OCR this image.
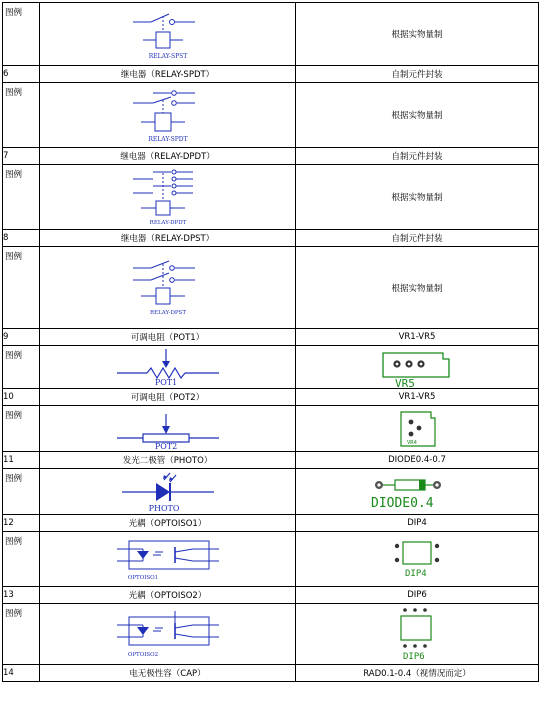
图例	RELAY-SPST	根据实物量制
6	继电器（RELAY-SPDT）	自制元件封装
图例	RELAY-SPDT	根据实物量制
7	继电器（RELAY-DPDT）	自制元件封装
图例	RELAY-DPDT	根据实物量制
8	继电器（RELAY-DPST）	自制元件封装
图例	RELAY-DPST	根据实物量制
9	可调电阻（POT1）	VR1-VR5
图例	POT1	VR5

10	可调电阻（POT2）	VR1-VR5
图例	POT2	VR4

11	发光二极管（PHOTO）	DIODE0.4-0.7
图例	PHOTO	DIODE0.4

12	光耦（OPTOISO1）	DIP4
图例	OPTOISO1	DIP4

13	光耦（OPTOISO2）	DIP6
图例	OPTOISO2	DIP6

14	电无极性容（CAP）	RAD0.1-0.4（视情况而定）
